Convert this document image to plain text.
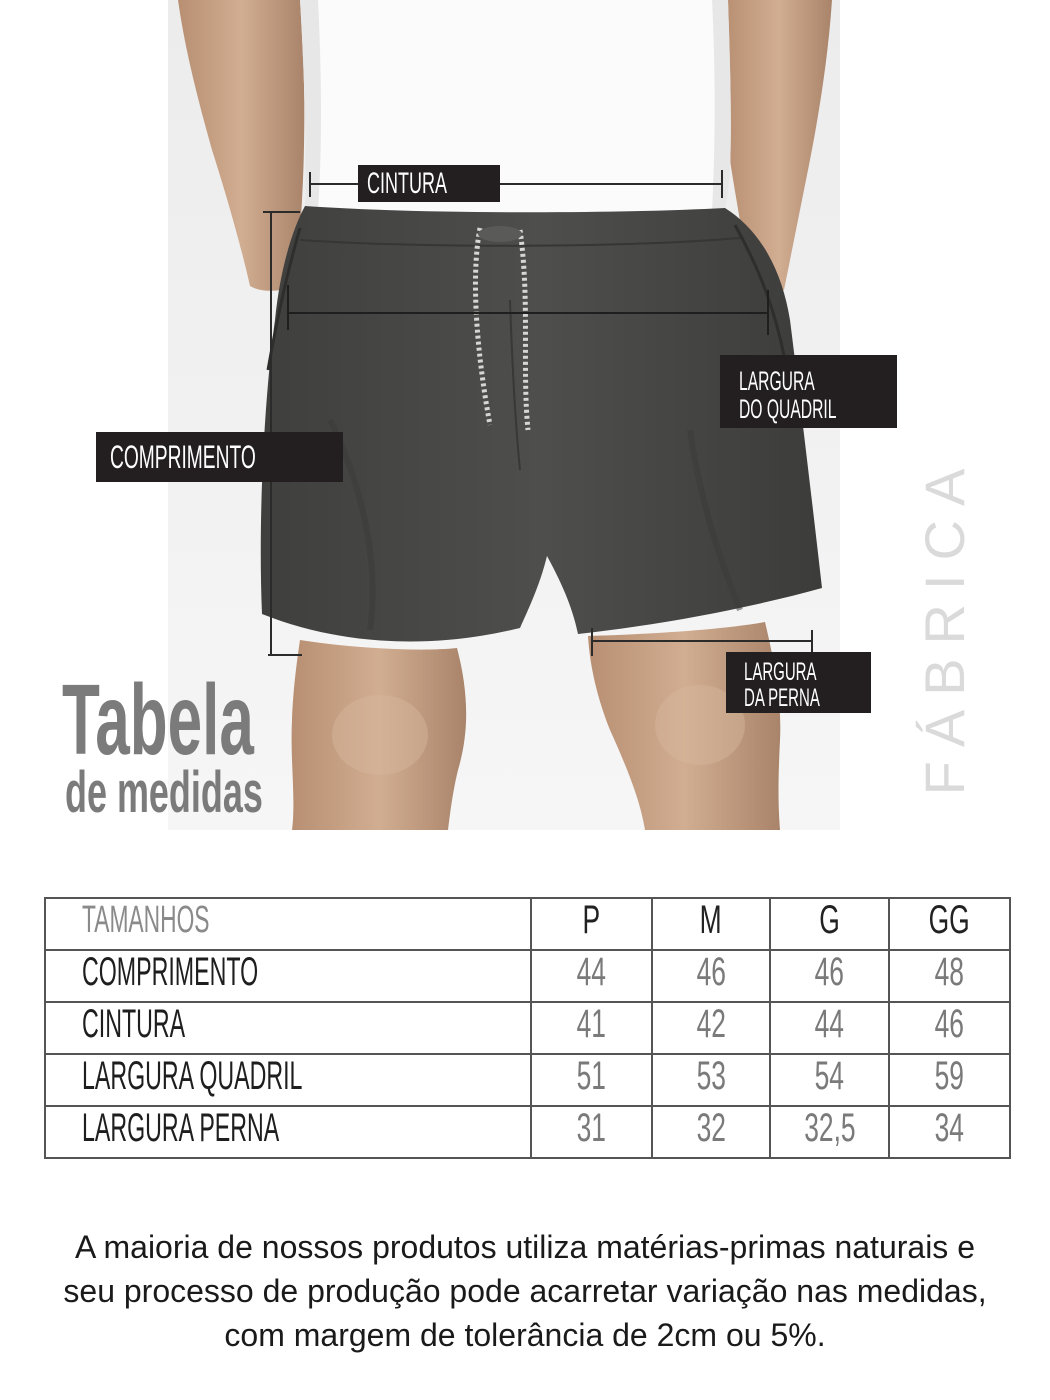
CINTURA
COMPRIMENTO
LARGURA
DO QUADRIL
LARGURA
DA PERNA
Tabela
de medidas	FÁBRICA
TAMANHOS	P	M	G	GG
COMPRIMENTO	44	46	46	48
CINTURA	41	42	44	46
LARGURA QUADRIL	51	53	54	59
LARGURA PERNA	31	32	32,5	34
A maioria de nossos produtos utiliza matérias-primas naturais e
seu processo de produção pode acarretar variação nas medidas,
com margem de tolerância de 2cm ou 5%.
